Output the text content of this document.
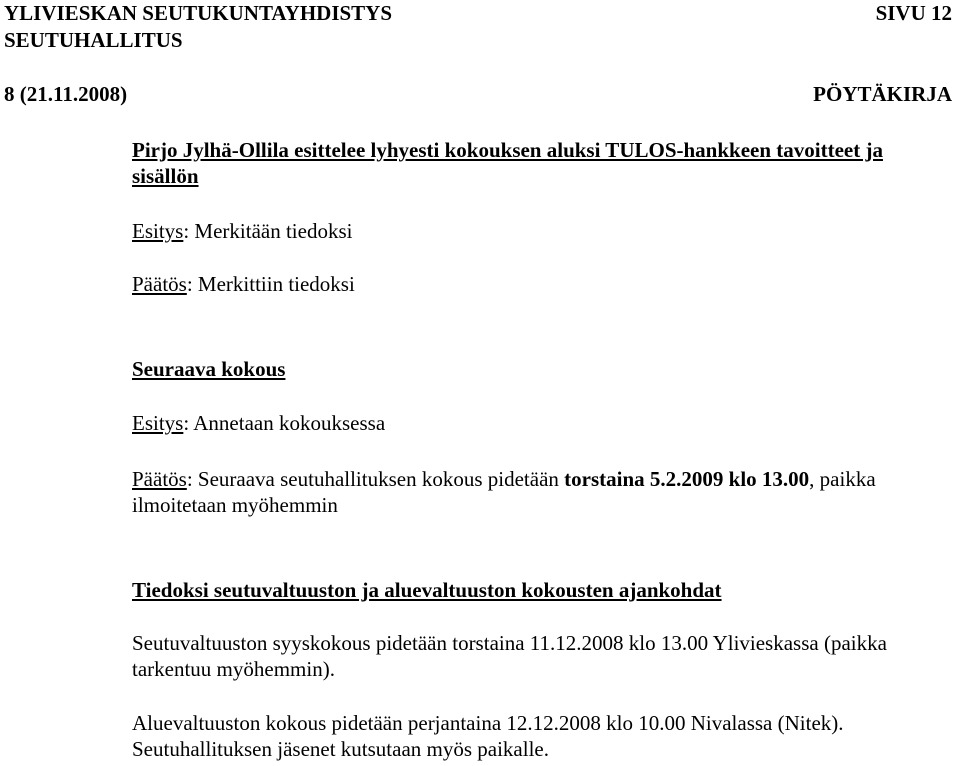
YLIVIESKAN SEUTUKUNTAYHDISTYS	SIVU 12
SEUTUHALLITUS
8 (21.11.2008)	PÖYTÄKIRJA
Pirjo Jylhä-Ollila esittelee lyhyesti kokouksen aluksi TULOS-hankkeen tavoitteet ja sisällön
Esitys: Merkitään tiedoksi
Päätös: Merkittiin tiedoksi
Seuraava kokous
Esitys: Annetaan kokouksessa
Päätös: Seuraava seutuhallituksen kokous pidetään torstaina 5.2.2009 klo 13.00, paikka ilmoitetaan myöhemmin
Tiedoksi seutuvaltuuston ja aluevaltuuston kokousten ajankohdat
Seutuvaltuuston syyskokous pidetään torstaina 11.12.2008 klo 13.00 Ylivieskassa (paikka tarkentuu myöhemmin).
Aluevaltuuston kokous pidetään perjantaina 12.12.2008 klo 10.00 Nivalassa (Nitek). Seutuhallituksen jäsenet kutsutaan myös paikalle.
